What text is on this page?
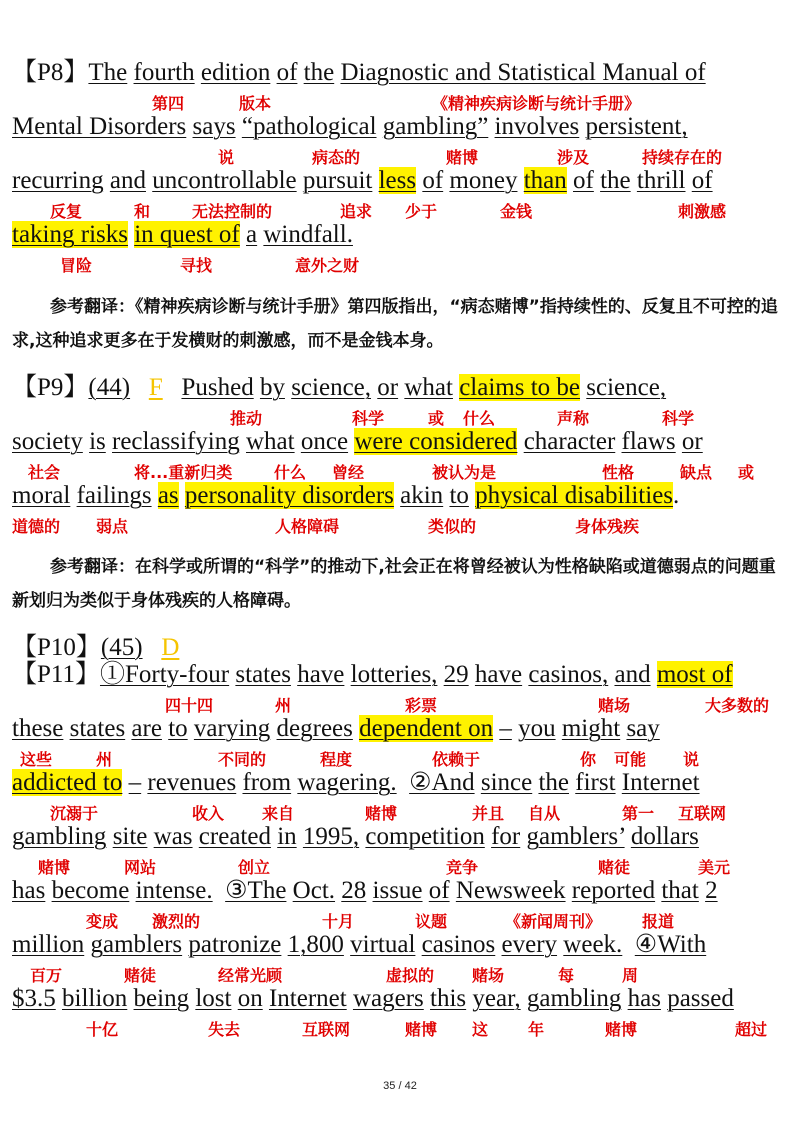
【P8】The fourth edition of the Diagnostic and Statistical Manual of
第四	版本	《精神疾病诊断与统计手册》
Mental Disorders says “pathological gambling” involves persistent,
说	病态的	赌博	涉及	持续存在的
recurring and uncontrollable pursuit less of money than of the thrill of
反复	和	无法控制的	追求 少于	金钱	刺激感
taking risks in quest of a windfall.
冒险	寻找	意外之财
参考翻译：《精神疾病诊断与统计手册》第四版指出，“病态赌博”指持续性的、反复且不可控的追求,这种追求更多在于发横财的刺激感，而不是金钱本身。
【P9】(44) F Pushed by science, or what claims to be science,
推动	科学	或 什么	声称	科学
society is reclassifying what once were considered character flaws or
社会	将...重新归类	什么 曾经	被认为是	性格	缺点 或
moral failings as personality disorders akin to physical disabilities.
道德的 弱点	人格障碍	类似的	身体残疾
参考翻译：在科学或所谓的“科学”的推动下,社会正在将曾经被认为性格缺陷或道德弱点的问题重新划归为类似于身体残疾的人格障碍。
【P10】(45) D
【P11】①Forty-four states have lotteries, 29 have casinos, and most of
四十四	州	彩票	赌场	大多数的
these states are to varying degrees dependent on – you might say
这些	州	不同的	程度	依赖于	你 可能 说
addicted to – revenues from wagering. ②And since the first Internet
沉溺于	收入 来自	赌博	并且 自从	第一 互联网
gambling site was created in 1995, competition for gamblers’ dollars
赌博	网站	创立	竞争	赌徒	美元
has become intense. ③The Oct. 28 issue of Newsweek reported that 2
变成 激烈的	十月	议题	《新闻周刊》	报道
million gamblers patronize 1,800 virtual casinos every week. ④With
百万	赌徒	经常光顾	虚拟的 赌场	每	周
$3.5 billion being lost on Internet wagers this year, gambling has passed
十亿	失去	互联网	赌博 这 年	赌博	超过
35 / 42
